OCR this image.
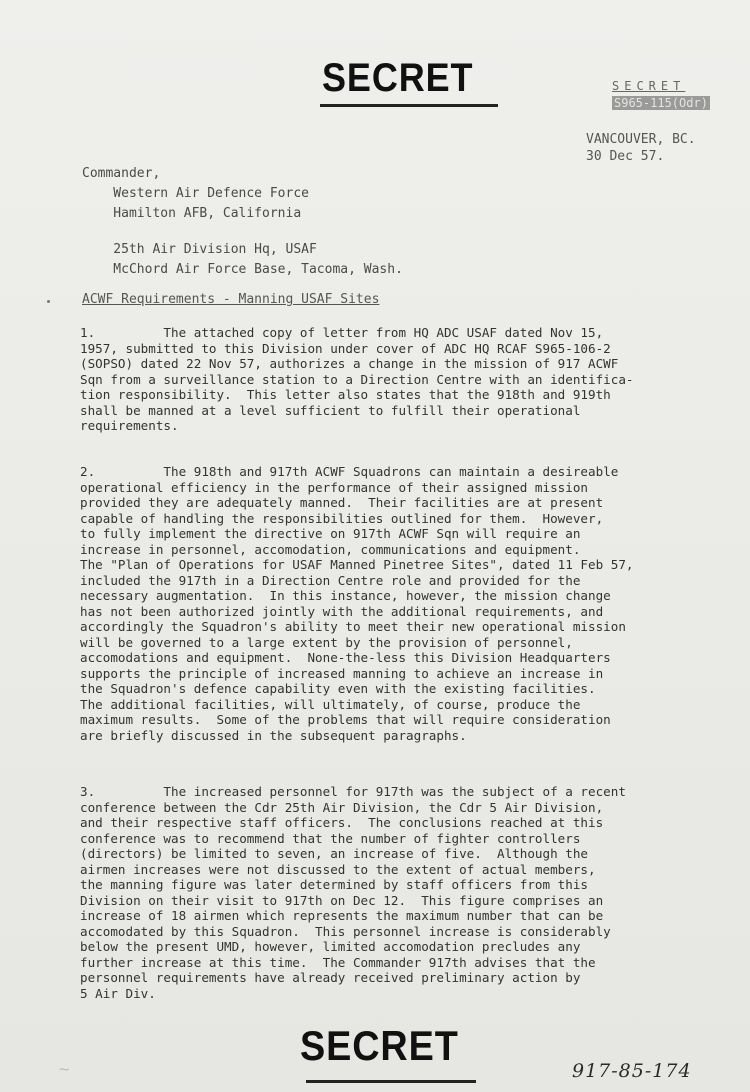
SECRET	SECRET
S965-115(Odr)
VANCOUVER, BC.
30 Dec 57.
Commander,
Western Air Defence Force
Hamilton AFB, California
25th Air Division Hq, USAF
McChord Air Force Base, Tacoma, Wash.
ACWF Requirements - Manning USAF Sites
1.         The attached copy of letter from HQ ADC USAF dated Nov 15,
1957, submitted to this Division under cover of ADC HQ RCAF S965-106-2
(SOPSO) dated 22 Nov 57, authorizes a change in the mission of 917 ACWF
Sqn from a surveillance station to a Direction Centre with an identifica-
tion responsibility.  This letter also states that the 918th and 919th
shall be manned at a level sufficient to fulfill their operational
requirements.
2.         The 918th and 917th ACWF Squadrons can maintain a desireable
operational efficiency in the performance of their assigned mission
provided they are adequately manned.  Their facilities are at present
capable of handling the responsibilities outlined for them.  However,
to fully implement the directive on 917th ACWF Sqn will require an
increase in personnel, accomodation, communications and equipment.
The "Plan of Operations for USAF Manned Pinetree Sites", dated 11 Feb 57,
included the 917th in a Direction Centre role and provided for the
necessary augmentation.  In this instance, however, the mission change
has not been authorized jointly with the additional requirements, and
accordingly the Squadron's ability to meet their new operational mission
will be governed to a large extent by the provision of personnel,
accomodations and equipment.  None-the-less this Division Headquarters
supports the principle of increased manning to achieve an increase in
the Squadron's defence capability even with the existing facilities.
The additional facilities, will ultimately, of course, produce the
maximum results.  Some of the problems that will require consideration
are briefly discussed in the subsequent paragraphs.
3.         The increased personnel for 917th was the subject of a recent
conference between the Cdr 25th Air Division, the Cdr 5 Air Division,
and their respective staff officers.  The conclusions reached at this
conference was to recommend that the number of fighter controllers
(directors) be limited to seven, an increase of five.  Although the
airmen increases were not discussed to the extent of actual members,
the manning figure was later determined by staff officers from this
Division on their visit to 917th on Dec 12.  This figure comprises an
increase of 18 airmen which represents the maximum number that can be
accomodated by this Squadron.  This personnel increase is considerably
below the present UMD, however, limited accomodation precludes any
further increase at this time.  The Commander 917th advises that the
personnel requirements have already received preliminary action by
5 Air Div.
~	SECRET
917-85-174
